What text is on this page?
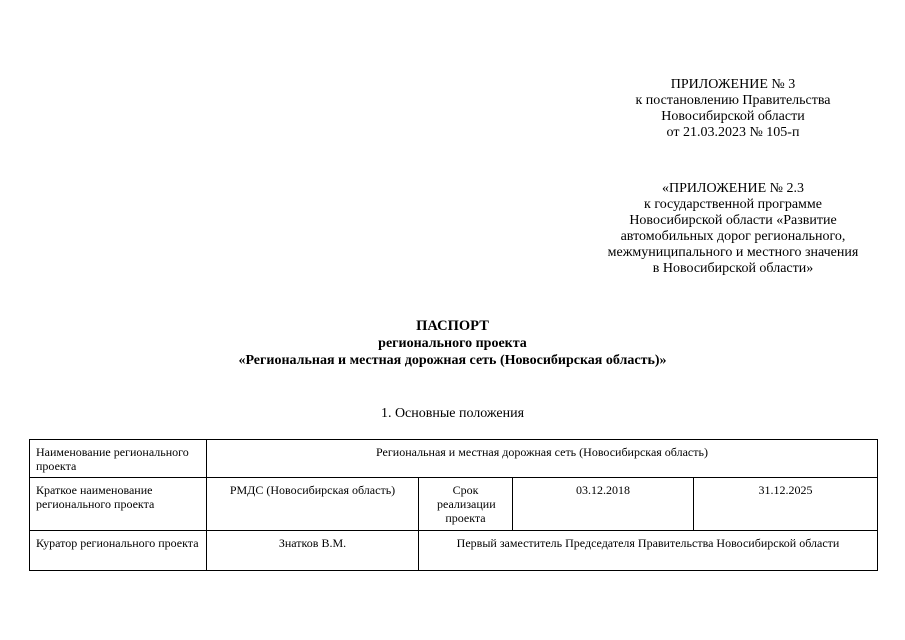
ПРИЛОЖЕНИЕ № 3
к постановлению Правительства
Новосибирской области
от 21.03.2023 № 105-п
«ПРИЛОЖЕНИЕ № 2.3
к государственной программе
Новосибирской области «Развитие
автомобильных дорог регионального,
межмуниципального и местного значения
в Новосибирской области»
ПАСПОРТ
регионального проекта
«Региональная и местная дорожная сеть (Новосибирская область)»
1. Основные положения
Наименование регионального проекта	Региональная и местная дорожная сеть (Новосибирская область)			
Краткое наименование регионального проекта	РМДС (Новосибирская область)	Срок реализации проекта	03.12.2018	31.12.2025
Куратор регионального проекта	Знатков В.М.	Первый заместитель Председателя Правительства Новосибирской области		
